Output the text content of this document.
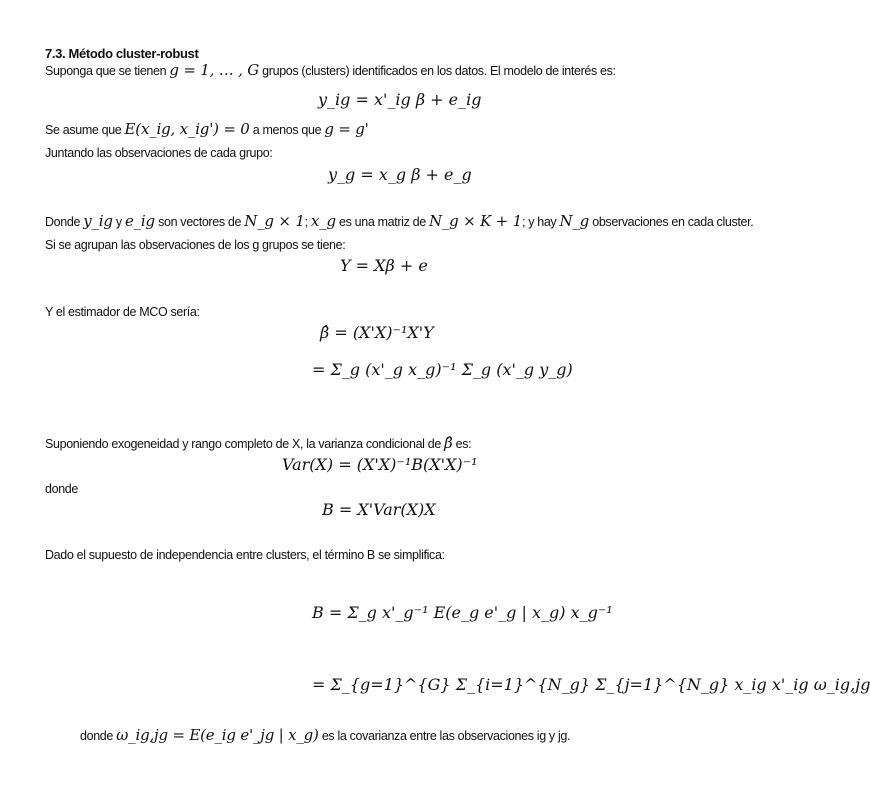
7.3. Método cluster-robust
Suponga que se tienen g = 1, … , G grupos (clusters) identificados en los datos. El modelo de interés es:
y_ig = x'_ig β + e_ig
Se asume que E(x_ig, x_ig') = 0 a menos que g = g'
Juntando las observaciones de cada grupo:
y_g = x_g β + e_g
Donde y_ig y e_ig son vectores de N_g × 1; x_g es una matriz de N_g × K + 1; y hay N_g observaciones en cada cluster.
Si se agrupan las observaciones de los g grupos se tiene:
Y = Xβ + e
Y el estimador de MCO sería:
β̂ = (X'X)⁻¹X'Y
= Σ_g (x'_g x_g)⁻¹ Σ_g (x'_g y_g)
Suponiendo exogeneidad y rango completo de X, la varianza condicional de β̂ es:
Var(X) = (X'X)⁻¹B(X'X)⁻¹
donde
B = X'Var(X)X
Dado el supuesto de independencia entre clusters, el término B se simplifica:
B = Σ_g x'_g⁻¹ E(e_g e'_g | x_g) x_g⁻¹
= Σ_{g=1}^{G} Σ_{i=1}^{N_g} Σ_{j=1}^{N_g} x_ig x'_ig ω_ig,jg
donde ω_ig,jg = E(e_ig e'_jg | x_g) es la covarianza entre las observaciones ig y jg.
